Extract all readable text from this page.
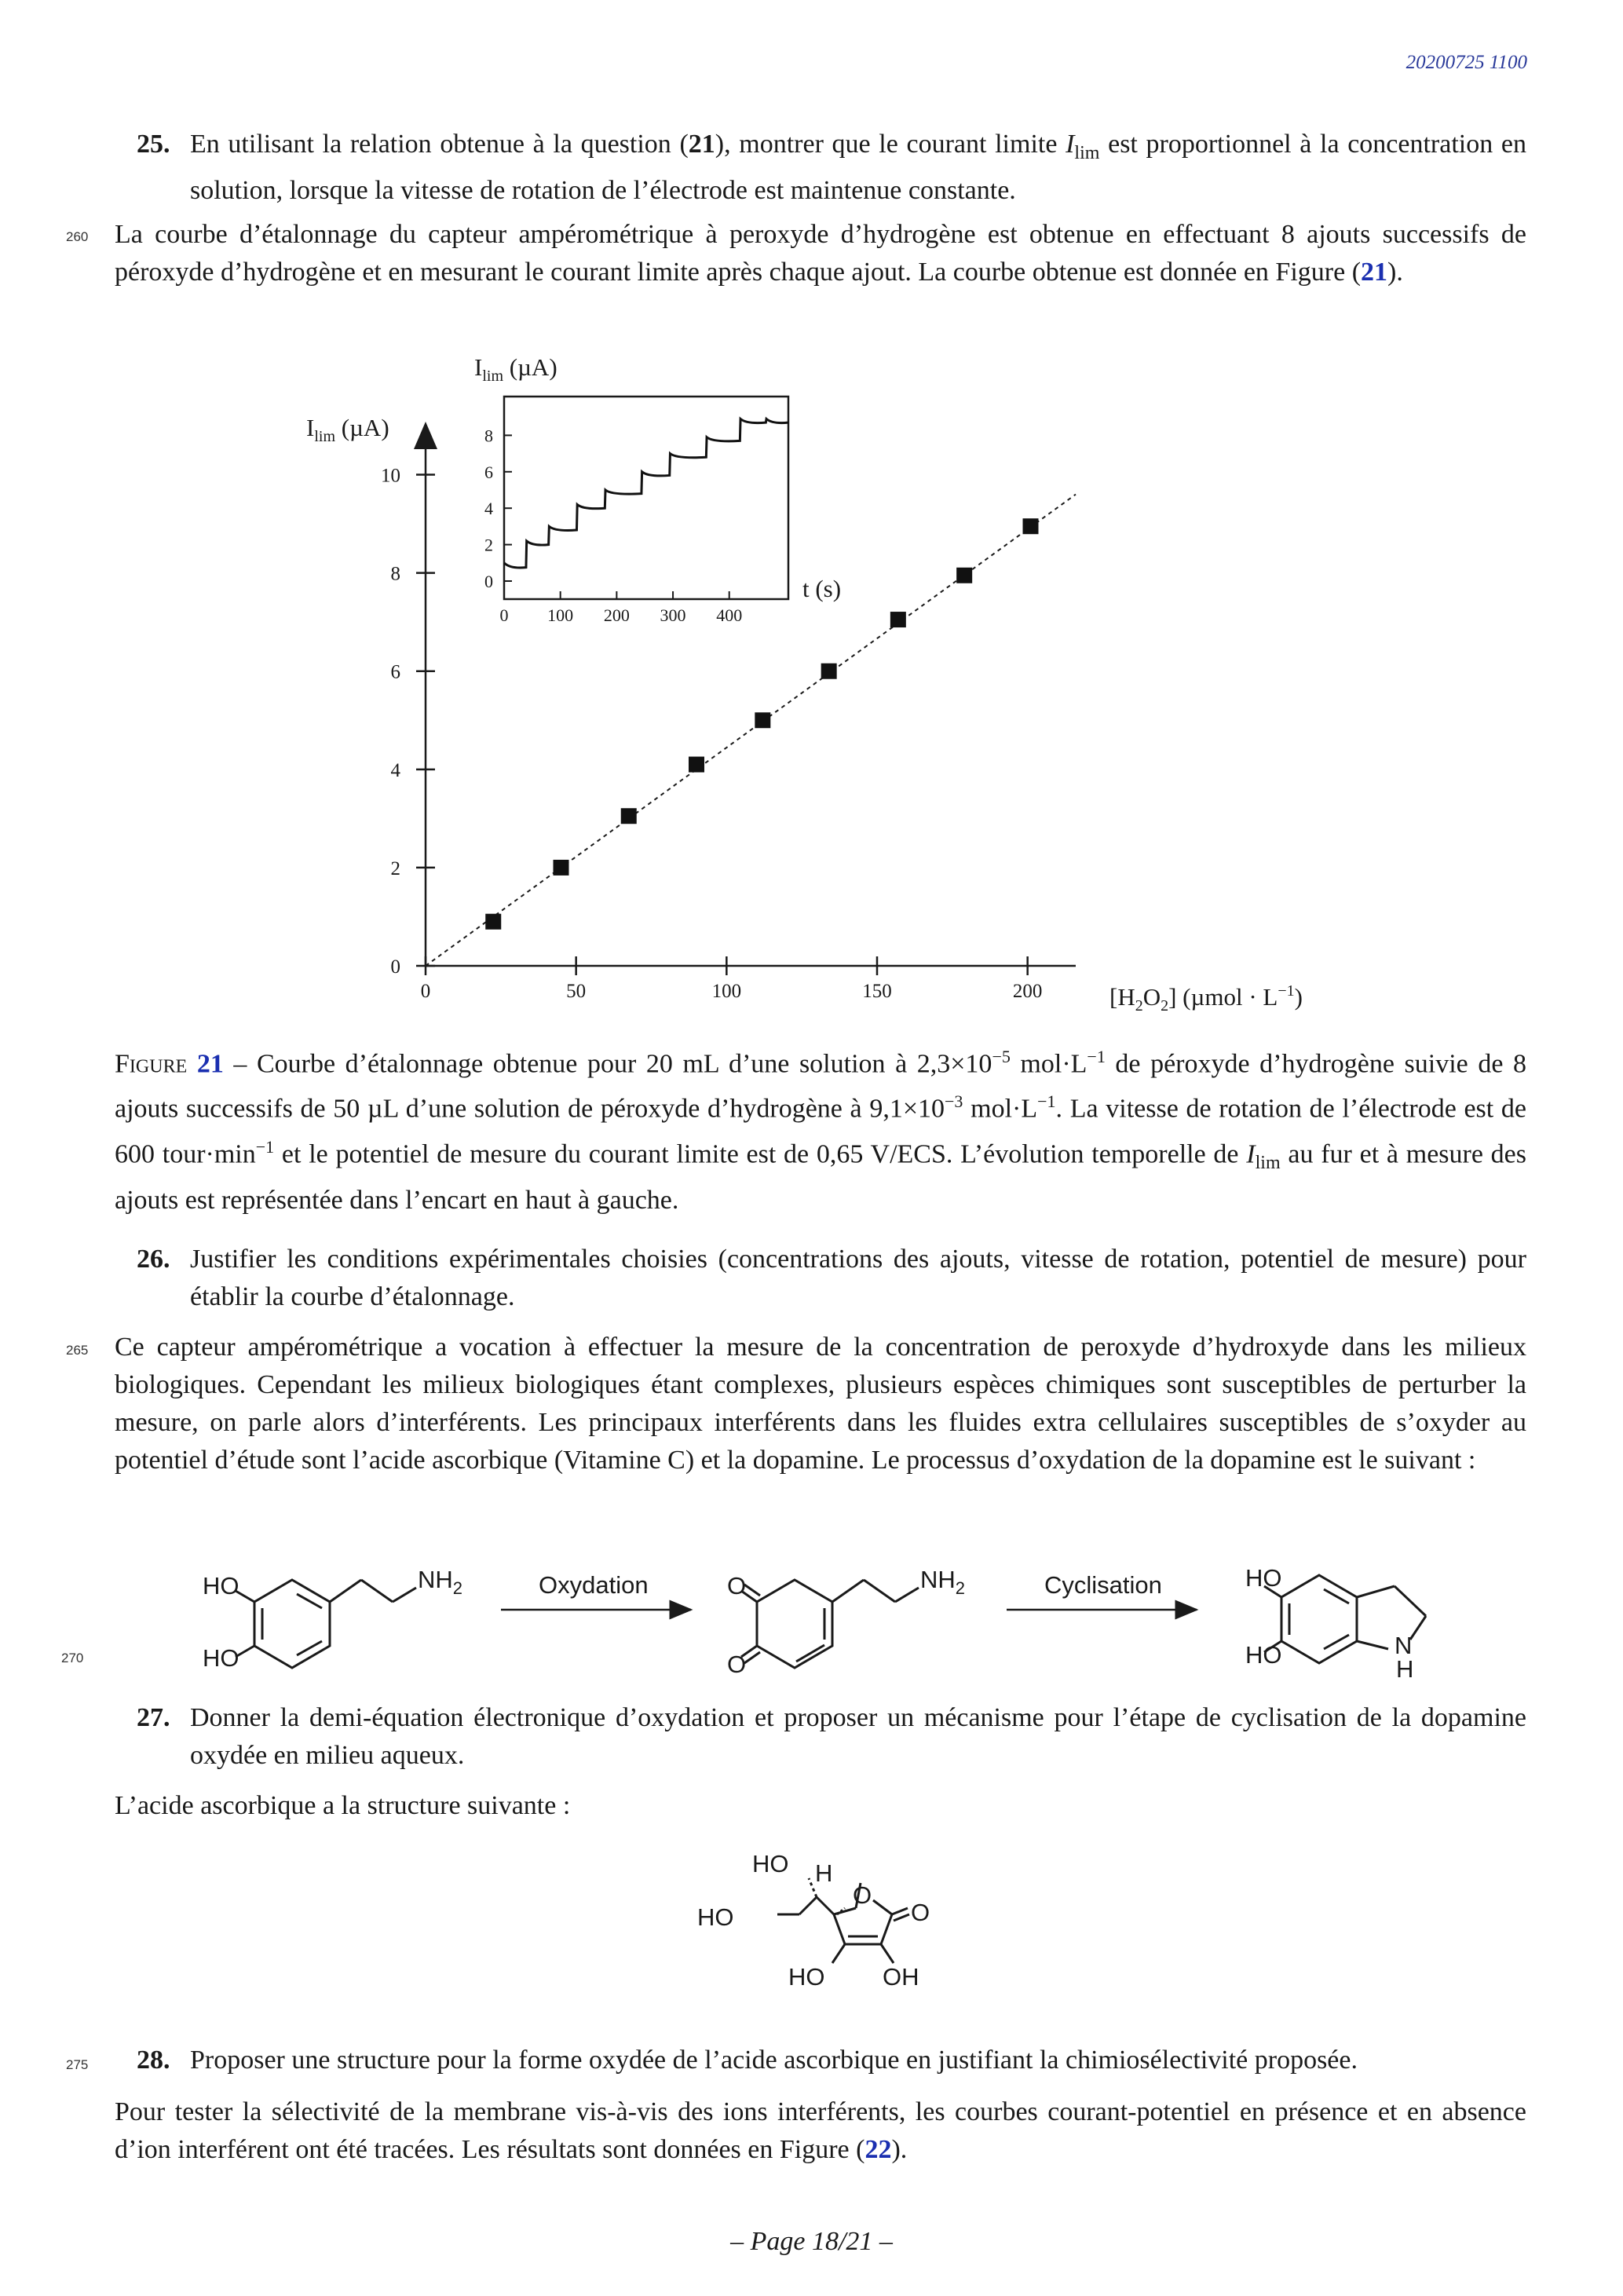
20200725 1100
25. En utilisant la relation obtenue à la question (21), montrer que le courant limite $I_{lim}$ est proportionnel à la concentration en solution, lorsque la vitesse de rotation de l’électrode est maintenue constante.
260 La courbe d’étalonnage du capteur ampérométrique à peroxyde d’hydrogène est obtenue en effectuant 8 ajouts successifs de péroxyde d’hydrogène et en mesurant le courant limite après chaque ajout. La courbe obtenue est donnée en Figure (21).
0	50	100	150	200
0
2
4
6
8
10
$I_{lim}$ (µA)
$[H_2O_2] (\mu mol \cdot L^{-1})$
0 100 200 300 400
0
2
4
6
8
$I_{lim}$ (µA)
t (s)
Figure 21 – Courbe d’étalonnage obtenue pour 20 mL d’une solution à $2,3\times 10^{-5}$ $mol\cdot L^{-1}$ de péroxyde d’hydrogène suivie de 8 ajouts successifs de 50 µL d’une solution de péroxyde d’hydrogène à $9,1\times 10^{-3}$ $mol\cdot L^{-1}$. La vitesse de rotation de l’électrode est de 600 $tour\cdot\min^{-1}$ et le potentiel de mesure du courant limite est de 0,65 V/ECS. L’évolution temporelle de $I_{lim}$ au fur et à mesure des ajouts est représentée dans l’encart en haut à gauche.
26. Justifier les conditions expérimentales choisies (concentrations des ajouts, vitesse de rotation, potentiel de mesure) pour établir la courbe d’étalonnage.
265 Ce capteur ampérométrique a vocation à effectuer la mesure de la concentration de peroxyde d’hydroxyde dans les milieux biologiques. Cependant les milieux biologiques étant complexes, plusieurs espèces chimiques sont susceptibles de perturber la mesure, on parle alors d’interférents. Les principaux interférents dans les fluides extra cellulaires susceptibles de s’oxyder au potentiel d’étude sont l’acide ascorbique (Vitamine C) et la dopamine. Le processus d’oxydation de la dopamine est le suivant :
270
HO
HO
$NH_2$	Oxydation	O
O
$NH_2$	Cyclisation	HO
HO	N
H
27. Donner la demi-équation électronique d’oxydation et proposer un mécanisme pour l’étape de cyclisation de la dopamine oxydée en milieu aqueux.
L’acide ascorbique a la structure suivante :
HO H
O
O
HO
HO OH
275 28. Proposer une structure pour la forme oxydée de l’acide ascorbique en justifiant la chimiosélectivité proposée.
Pour tester la sélectivité de la membrane vis-à-vis des ions interférents, les courbes courant-potentiel en présence et en absence d’ion interférent ont été tracées. Les résultats sont données en Figure (22).
– Page 18/21 –
